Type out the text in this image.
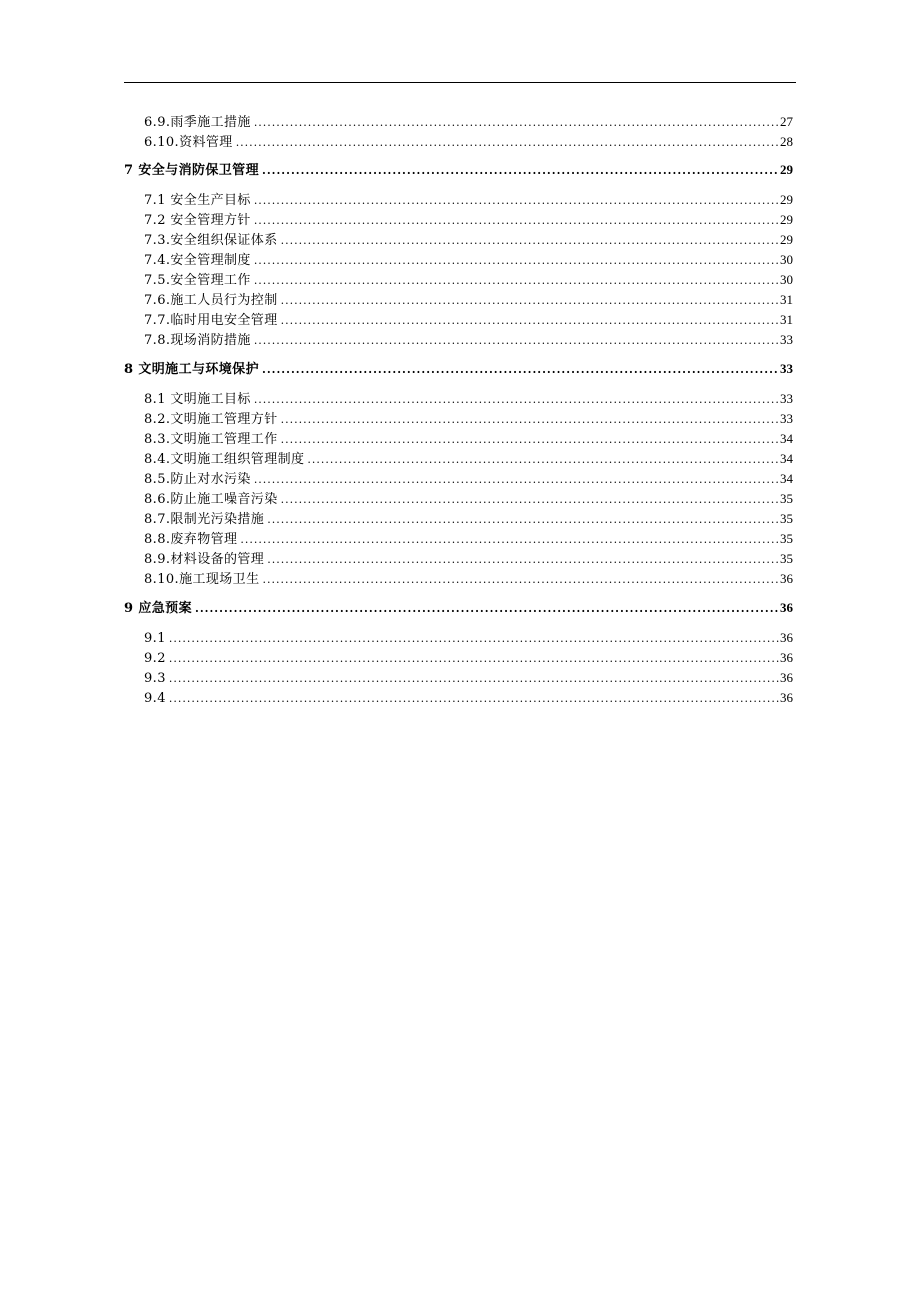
6.9.雨季施工措施 .....	27
6.10.资料管理 .....	28
7 安全与消防保卫管理 .....	29
7.1 安全生产目标 .....	29
7.2 安全管理方针 .....	29
7.3.安全组织保证体系 .....	29
7.4.安全管理制度 .....	30
7.5.安全管理工作 .....	30
7.6.施工人员行为控制 .....	31
7.7.临时用电安全管理 .....	31
7.8.现场消防措施 .....	33
8 文明施工与环境保护 .....	33
8.1 文明施工目标 .....	33
8.2.文明施工管理方针 .....	33
8.3.文明施工管理工作 .....	34
8.4.文明施工组织管理制度 .....	34
8.5.防止对水污染 .....	34
8.6.防止施工噪音污染 .....	35
8.7.限制光污染措施 .....	35
8.8.废弃物管理 .....	35
8.9.材料设备的管理 .....	35
8.10.施工现场卫生 .....	36
9 应急预案 .....	36
9.1 .....	36
9.2 .....	36
9.3 .....	36
9.4 .....	36
